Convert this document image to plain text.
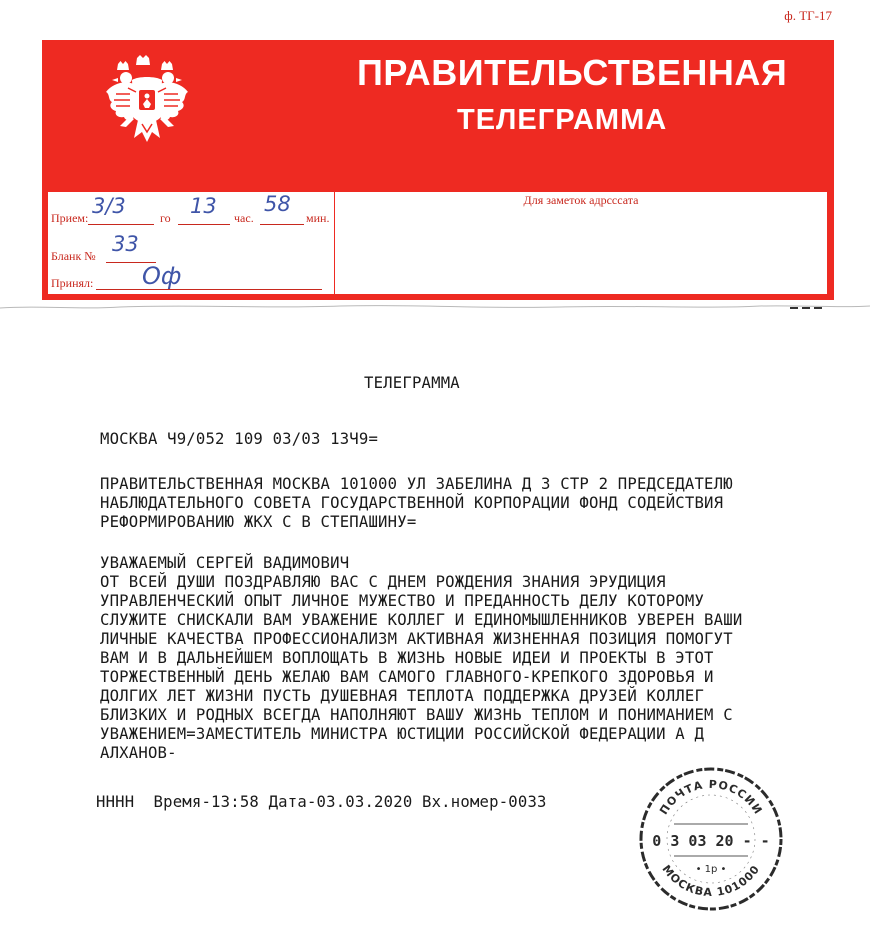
ф. ТГ-17
ПРАВИТЕЛЬСТВЕННАЯ
ТЕЛЕГРАММА
Прием: 3/3	го 13 час.
58
мин.
Бланк № 33
Принял: Оф
Для заметок адрсссата
ТЕЛЕГРАММА
МОСКВА Ч9/052 109 03/03 13Ч9=
ПРАВИТЕЛЬСТВЕННАЯ МОСКВА 101000 УЛ ЗАБЕЛИНА Д 3 СТР 2 ПРЕДСЕДАТЕЛЮ
НАБЛЮДАТЕЛЬНОГО СОВЕТА ГОСУДАРСТВЕННОЙ КОРПОРАЦИИ ФОНД СОДЕЙСТВИЯ
РЕФОРМИРОВАНИЮ ЖКХ С В СТЕПАШИНУ=
УВАЖАЕМЫЙ СЕРГЕЙ ВАДИМОВИЧ
ОТ ВСЕЙ ДУШИ ПОЗДРАВЛЯЮ ВАС С ДНЕМ РОЖДЕНИЯ ЗНАНИЯ ЭРУДИЦИЯ
УПРАВЛЕНЧЕСКИЙ ОПЫТ ЛИЧНОЕ МУЖЕСТВО И ПРЕДАННОСТЬ ДЕЛУ КОТОРОМУ
СЛУЖИТЕ СНИСКАЛИ ВАМ УВАЖЕНИЕ КОЛЛЕГ И ЕДИНОМЫШЛЕННИКОВ УВЕРЕН ВАШИ
ЛИЧНЫЕ КАЧЕСТВА ПРОФЕССИОНАЛИЗМ АКТИВНАЯ ЖИЗНЕННАЯ ПОЗИЦИЯ ПОМОГУТ
ВАМ И В ДАЛЬНЕЙШЕМ ВОПЛОЩАТЬ В ЖИЗНЬ НОВЫЕ ИДЕИ И ПРОЕКТЫ В ЭТОТ
ТОРЖЕСТВЕННЫЙ ДЕНЬ ЖЕЛАЮ ВАМ САМОГО ГЛАВНОГО-КРЕПКОГО ЗДОРОВЬЯ И
ДОЛГИХ ЛЕТ ЖИЗНИ ПУСТЬ ДУШЕВНАЯ ТЕПЛОТА ПОДДЕРЖКА ДРУЗЕЙ КОЛЛЕГ
БЛИЗКИХ И РОДНЫХ ВСЕГДА НАПОЛНЯЮТ ВАШУ ЖИЗНЬ ТЕПЛОМ И ПОНИМАНИЕМ С
УВАЖЕНИЕМ=ЗАМЕСТИТЕЛЬ МИНИСТРА ЮСТИЦИИ РОССИЙСКОЙ ФЕДЕРАЦИИ А Д
АЛХАНОВ-
НННН  Время-13:58 Дата-03.03.2020 Вх.номер-0033	ПОЧТА РОССИИ
0 3 03 20 - -
• 1р •
МОСКВА 101000
